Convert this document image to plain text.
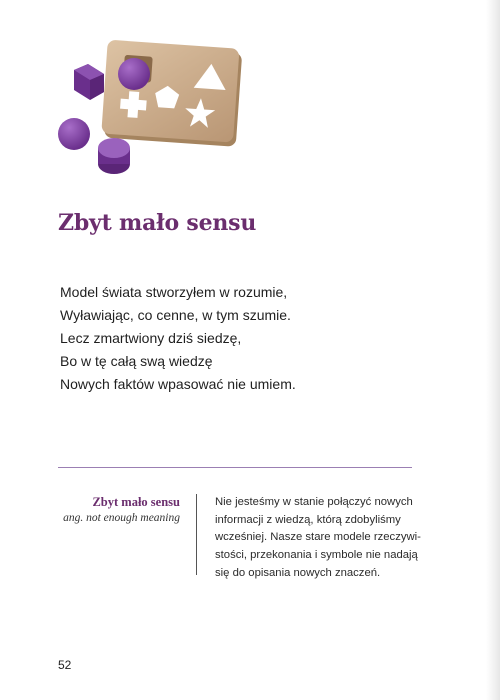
Zbyt mało sensu
Model świata stworzyłem w rozumie,
Wyławiając, co cenne, w tym szumie.
Lecz zmartwiony dziś siedzę,
Bo w tę całą swą wiedzę
Nowych faktów wpasować nie umiem.
Zbyt mało sensu
ang. not enough meaning
Nie jesteśmy w stanie połączyć nowych
informacji z wiedzą, którą zdobyliśmy
wcześniej. Nasze stare modele rzeczywi-
stości, przekonania i symbole nie nadają
się do opisania nowych znaczeń.
52
